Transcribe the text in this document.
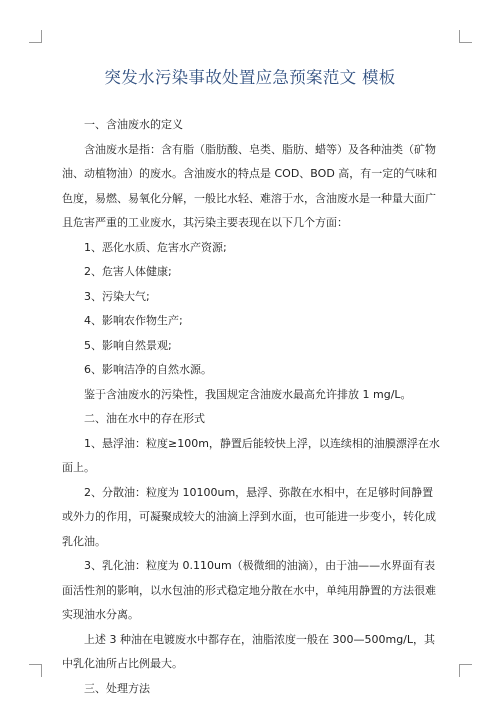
突发水污染事故处置应急预案范文 模板

一、含油废水的定义

含油废水是指：含有脂（脂肪酸、皂类、脂肪、蜡等）及各种油类（矿物油、动植物油）的废水。含油废水的特点是 COD、BOD 高，有一定的气味和色度，易燃、易氧化分解，一般比水轻、难溶于水，含油废水是一种量大面广且危害严重的工业废水，其污染主要表现在以下几个方面：

1、恶化水质、危害水产资源;

2、危害人体健康;

3、污染大气;

4、影响农作物生产;

5、影响自然景观;

6、影响洁净的自然水源。

鉴于含油废水的污染性，我国规定含油废水最高允许排放 1 mg/L。

二、油在水中的存在形式

1、悬浮油：粒度≥100m，静置后能较快上浮，以连续相的油膜漂浮在水面上。

2、分散油：粒度为 10100um，悬浮、弥散在水相中，在足够时间静置或外力的作用，可凝聚成较大的油滴上浮到水面，也可能进一步变小，转化成乳化油。

3、乳化油：粒度为 0.110um（极微细的油滴），由于油——水界面有表面活性剂的影响，以水包油的形式稳定地分散在水中，单纯用静置的方法很难实现油水分离。

上述 3 种油在电镀废水中都存在，油脂浓度一般在 300—500mg/L，其中乳化油所占比例最大。

三、处理方法
